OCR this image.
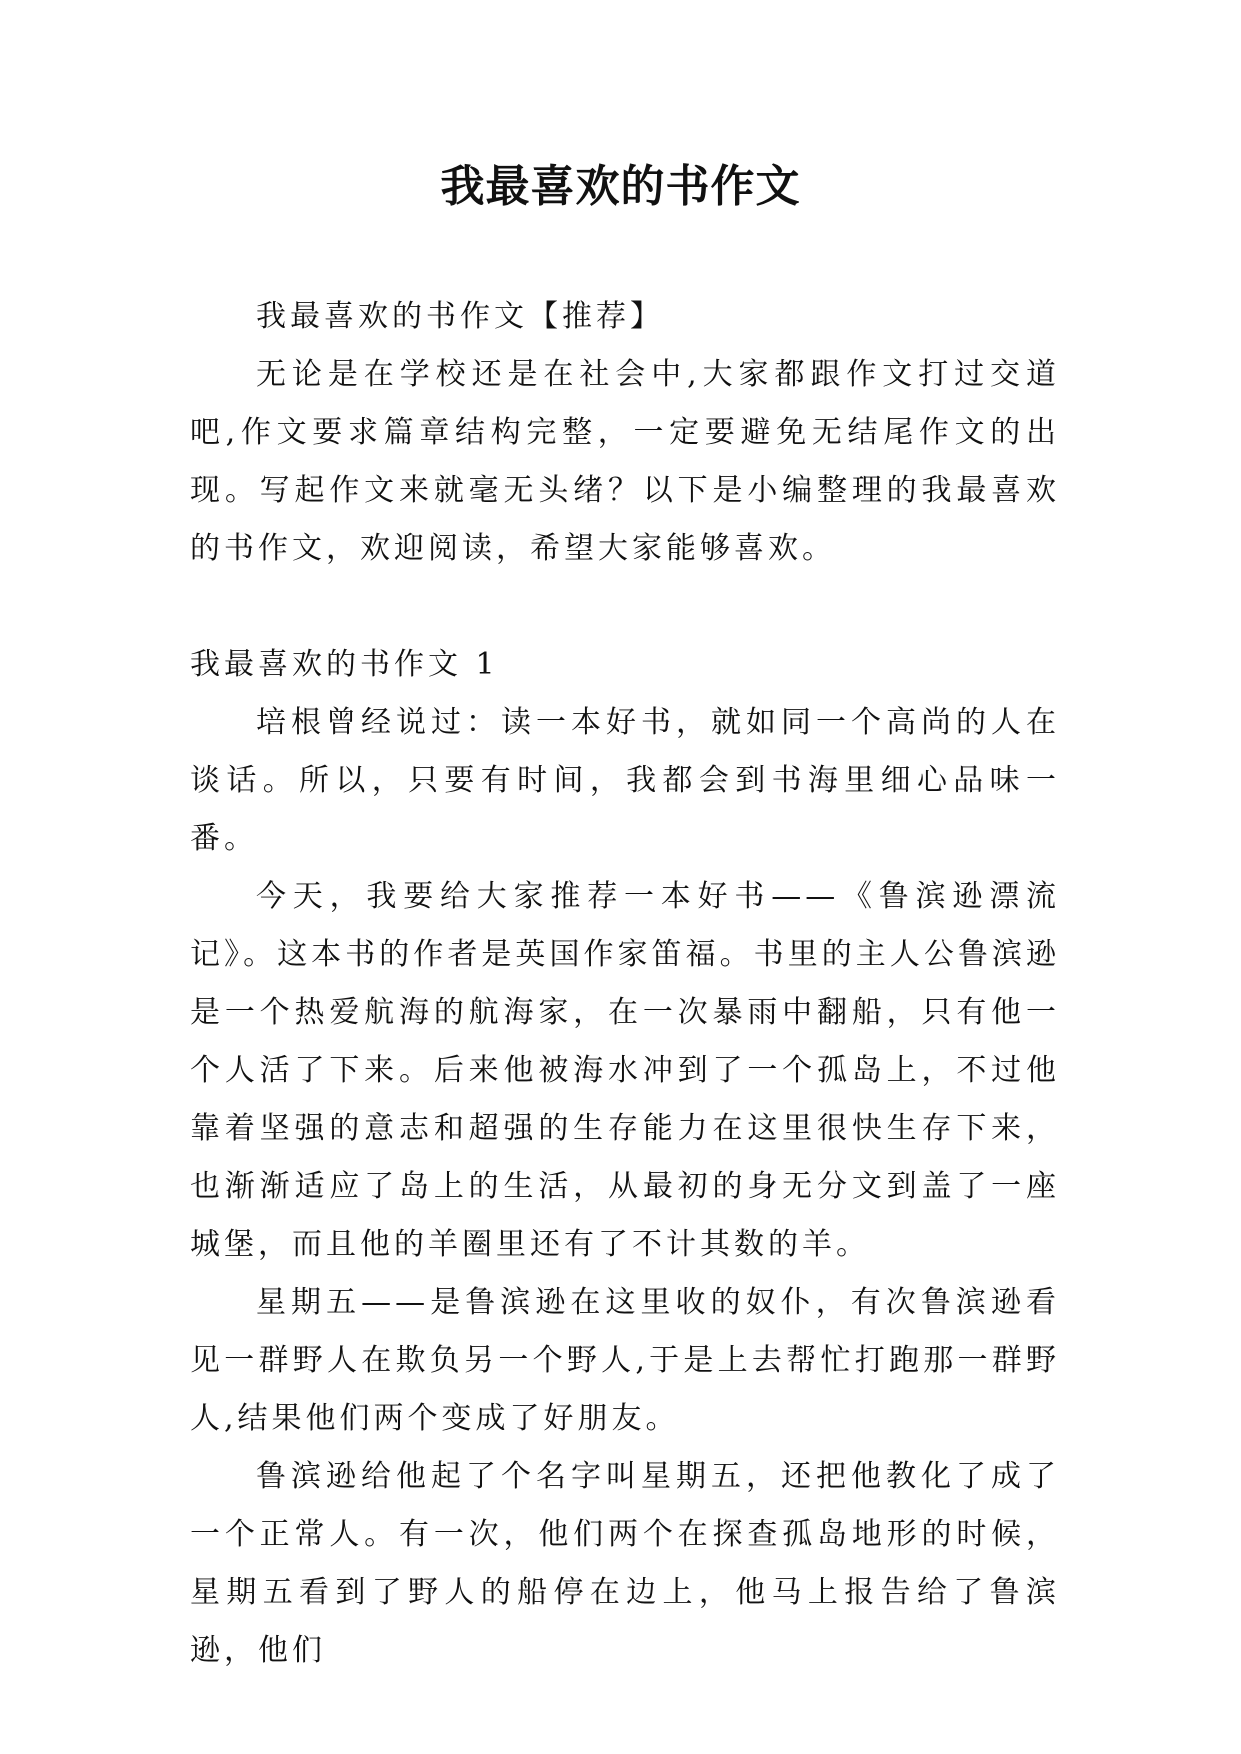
我最喜欢的书作文

我最喜欢的书作文【推荐】

无论是在学校还是在社会中,大家都跟作文打过交道吧,作文要求篇章结构完整，一定要避免无结尾作文的出现。写起作文来就毫无头绪？以下是小编整理的我最喜欢的书作文，欢迎阅读，希望大家能够喜欢。

我最喜欢的书作文 1

培根曾经说过：读一本好书，就如同一个高尚的人在谈话。所以，只要有时间，我都会到书海里细心品味一番。

今天，我要给大家推荐一本好书——《鲁滨逊漂流记》。这本书的作者是英国作家笛福。书里的主人公鲁滨逊是一个热爱航海的航海家，在一次暴雨中翻船，只有他一个人活了下来。后来他被海水冲到了一个孤岛上，不过他靠着坚强的意志和超强的生存能力在这里很快生存下来，也渐渐适应了岛上的生活，从最初的身无分文到盖了一座城堡，而且他的羊圈里还有了不计其数的羊。

星期五——是鲁滨逊在这里收的奴仆，有次鲁滨逊看见一群野人在欺负另一个野人,于是上去帮忙打跑那一群野人,结果他们两个变成了好朋友。

鲁滨逊给他起了个名字叫星期五，还把他教化了成了一个正常人。有一次，他们两个在探查孤岛地形的时候，星期五看到了野人的船停在边上，他马上报告给了鲁滨逊，他们
